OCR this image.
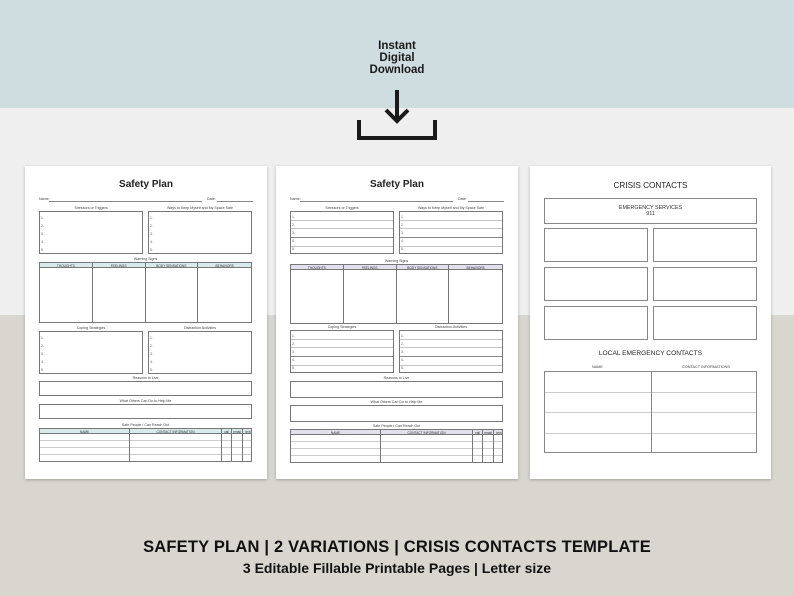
Instant
Digital
Download
Safety Plan
Name:	Date:
Stressors or Triggers	Ways to Keep Myself and My Space Safe
1.
2.
3.
4.
5.
1.
2.
3.
4.
5.
Warning Signs
THOUGHTS	FEELINGS	BODY SENSATIONS	BEHAVIORS
Coping Strategies	Distraction Activities
1.
2.
3.
4.
5.
1.
2.
3.
4.
5.
Reasons to Live
What Others Can Do to Help Me
Safe People I Can Reach Out
NAME	CONTACT INFORMATION	call	email	text
Safety Plan
Name:	Date:
Stressors or Triggers	Ways to Keep Myself and My Space Safe
1.
2.
3.
4.
5.
1.
2.
3.
4.
5.
Warning Signs
THOUGHTS	FEELINGS	BODY SENSATIONS	BEHAVIORS
Coping Strategies	Distraction Activities
1.
2.
3.
4.
5.
1.
2.
3.
4.
5.
Reasons to Live
What Others Can Do to Help Me
Safe People I Can Reach Out
NAME	CONTACT INFORMATION	call	email	text
CRISIS CONTACTS
EMERGENCY SERVICES
911
LOCAL EMERGENCY CONTACTS
NAME	CONTACT INFORMATIONS
SAFETY PLAN | 2 VARIATIONS | CRISIS CONTACTS TEMPLATE
3 Editable Fillable Printable Pages | Letter size
